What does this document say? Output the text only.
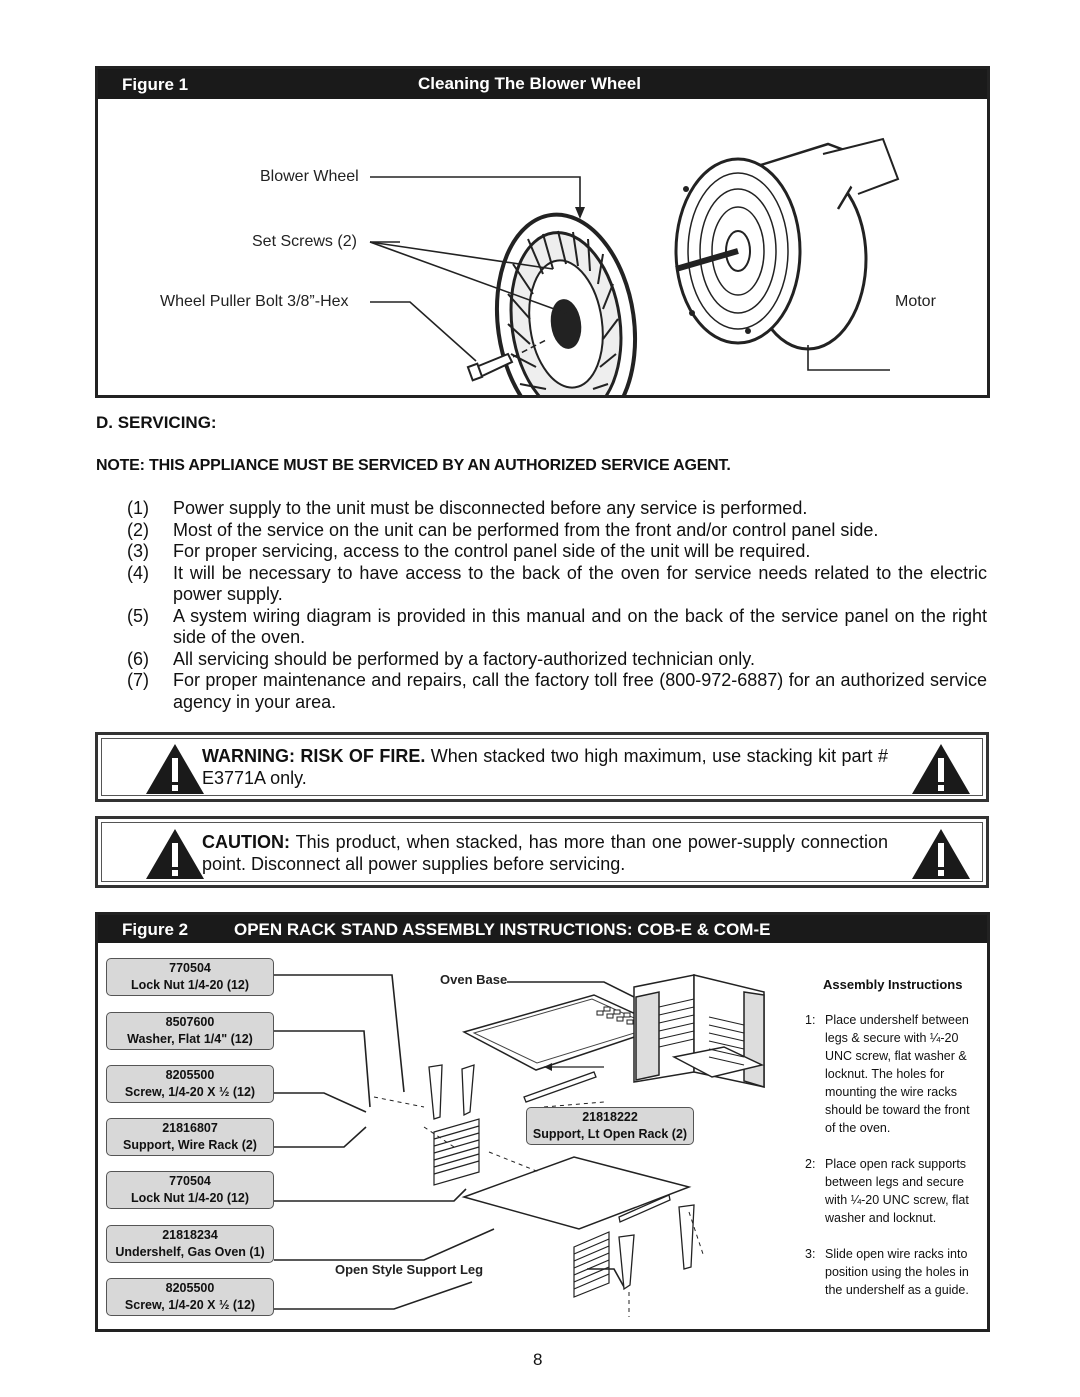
Figure 1	Cleaning The Blower Wheel
Blower Wheel
Set Screws (2)
Wheel Puller Bolt 3/8”-Hex	Motor
D. SERVICING:
NOTE: THIS APPLIANCE MUST BE SERVICED BY AN AUTHORIZED SERVICE AGENT.
(1) Power supply to the unit must be disconnected before any service is performed.
(2) Most of the service on the unit can be performed from the front and/or control panel side.
(3) For proper servicing, access to the control panel side of the unit will be required.
(4) It will be necessary to have access to the back of the oven for service needs related to the electric power supply.
(5) A system wiring diagram is provided in this manual and on the back of the service panel on the right side of the oven.
(6) All servicing should be performed by a factory-authorized technician only.
(7) For proper maintenance and repairs, call the factory toll free (800-972-6887) for an authorized service agency in your area.
WARNING: RISK OF FIRE. When stacked two high maximum, use stacking kit part # E3771A only.
CAUTION: This product, when stacked, has more than one power-supply connection point. Disconnect all power supplies before servicing.
Figure 2	OPEN RACK STAND ASSEMBLY INSTRUCTIONS: COB-E & COM-E
770504
Lock Nut 1/4-20 (12)
8507600
Washer, Flat 1/4" (12)
8205500
Screw, 1/4-20 X ½ (12)
21816807
Support, Wire Rack (2)
770504
Lock Nut 1/4-20 (12)
21818234
Undershelf, Gas Oven (1)
8205500
Screw, 1/4-20 X ½ (12)
Oven Base
Open Style Support Leg
21818222
Support, Lt Open Rack (2)
Assembly Instructions
1: Place undershelf between legs & secure with ¼-20 UNC screw, flat washer & locknut. The holes for mounting the wire racks should be toward the front of the oven.
2: Place open rack supports between legs and secure with ¼-20 UNC screw, flat washer and locknut.
3: Slide open wire racks into position using the holes in the undershelf as a guide.
8
